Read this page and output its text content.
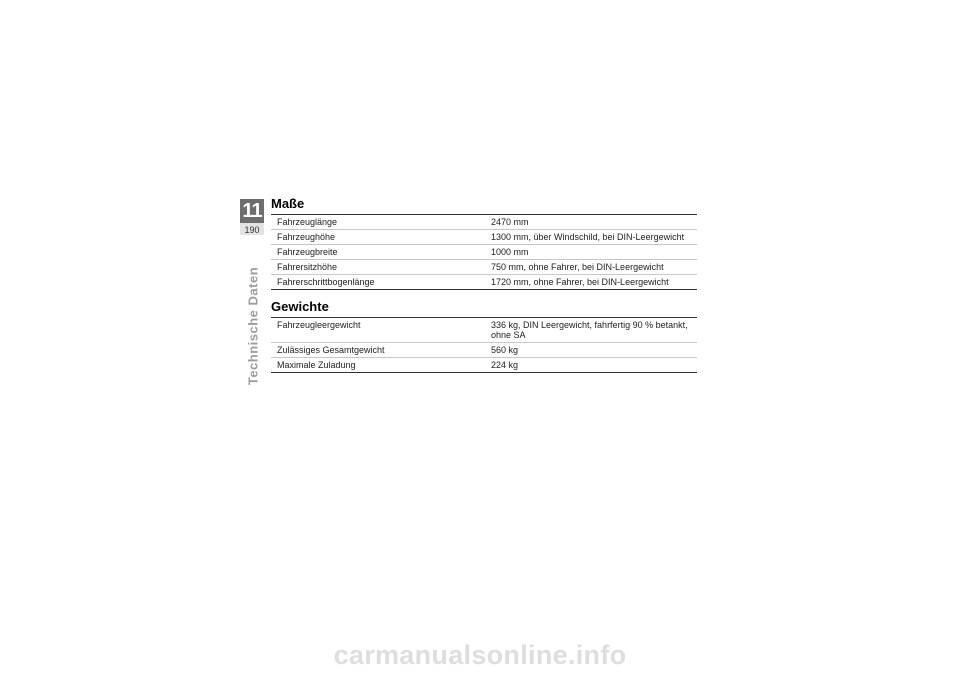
11
190
Technische Daten
Maße
Fahrzeuglänge	2470 mm
Fahrzeughöhe	1300 mm, über Windschild, bei DIN-Leergewicht
Fahrzeugbreite	1000 mm
Fahrersitzhöhe	750 mm, ohne Fahrer, bei DIN-Leergewicht
Fahrerschrittbogenlänge	1720 mm, ohne Fahrer, bei DIN-Leergewicht
Gewichte
Fahrzeugleergewicht	336 kg, DIN Leergewicht, fahrfertig 90 % betankt, ohne SA
Zulässiges Gesamtgewicht	560 kg
Maximale Zuladung	224 kg
carmanualsonline.info
